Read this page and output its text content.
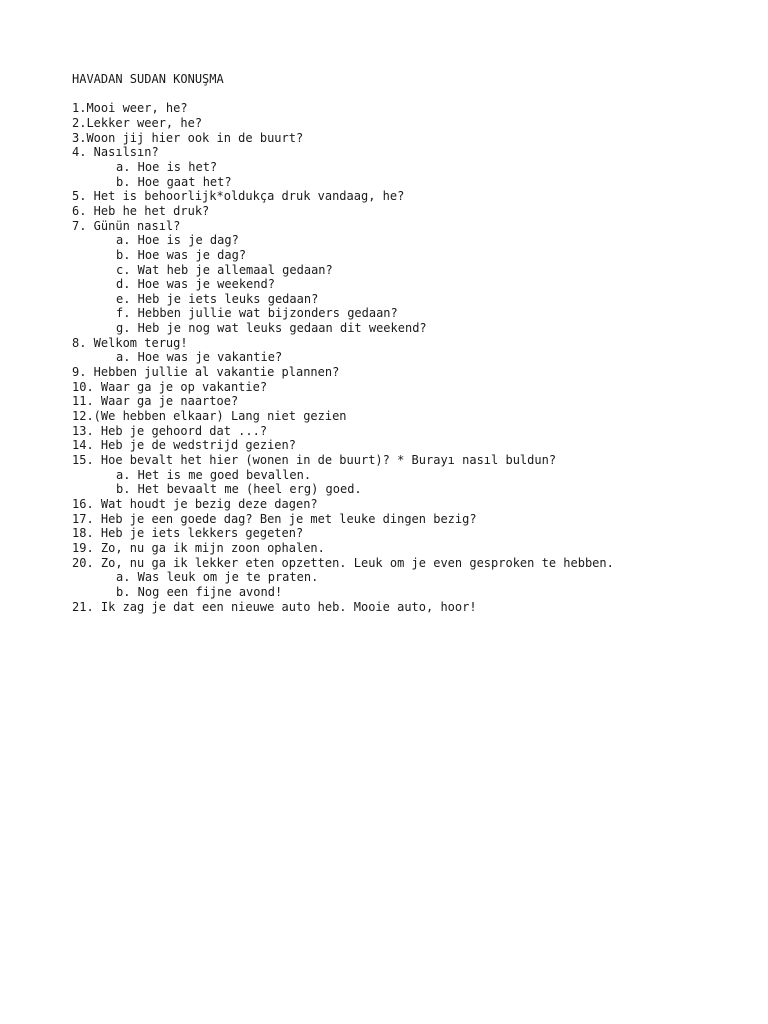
HAVADAN SUDAN KONUŞMA
1.Mooi weer, he?
2.Lekker weer, he?
3.Woon jij hier ook in de buurt?
4. Nasılsın?
a. Hoe is het?
b. Hoe gaat het?
5. Het is behoorlijk*oldukça druk vandaag, he?
6. Heb he het druk?
7. Günün nasıl?
a. Hoe is je dag?
b. Hoe was je dag?
c. Wat heb je allemaal gedaan?
d. Hoe was je weekend?
e. Heb je iets leuks gedaan?
f. Hebben jullie wat bijzonders gedaan?
g. Heb je nog wat leuks gedaan dit weekend?
8. Welkom terug!
a. Hoe was je vakantie?
9. Hebben jullie al vakantie plannen?
10. Waar ga je op vakantie?
11. Waar ga je naartoe?
12.(We hebben elkaar) Lang niet gezien
13. Heb je gehoord dat ...?
14. Heb je de wedstrijd gezien?
15. Hoe bevalt het hier (wonen in de buurt)? * Burayı nasıl buldun?
a. Het is me goed bevallen.
b. Het bevaalt me (heel erg) goed.
16. Wat houdt je bezig deze dagen?
17. Heb je een goede dag? Ben je met leuke dingen bezig?
18. Heb je iets lekkers gegeten?
19. Zo, nu ga ik mijn zoon ophalen.
20. Zo, nu ga ik lekker eten opzetten. Leuk om je even gesproken te hebben.
a. Was leuk om je te praten.
b. Nog een fijne avond!
21. Ik zag je dat een nieuwe auto heb. Mooie auto, hoor!
